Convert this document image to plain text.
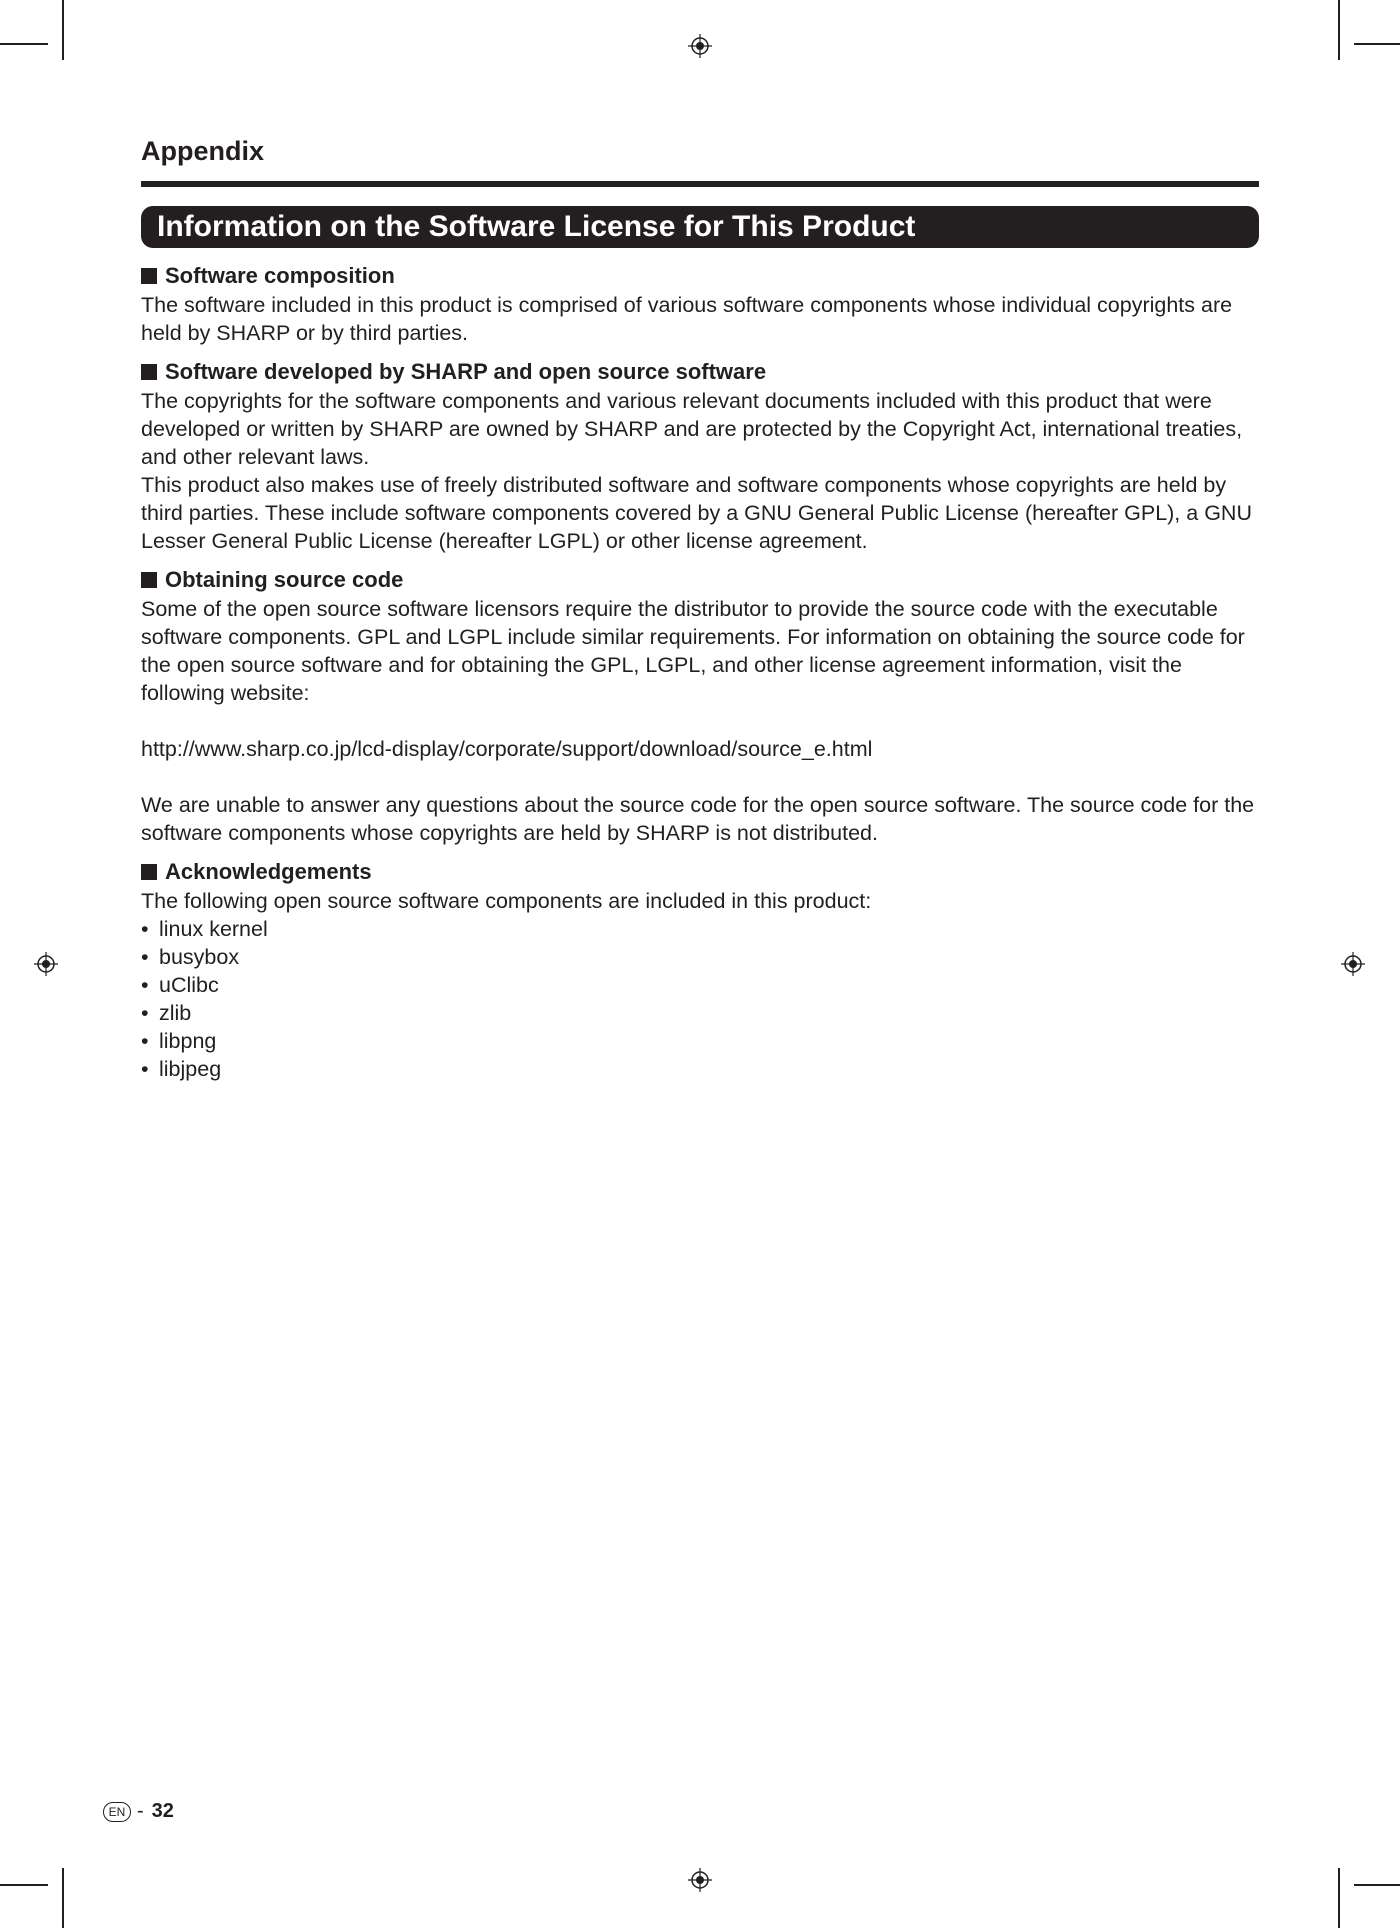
Appendix
Information on the Software License for This Product
Software composition

The software included in this product is comprised of various software components whose individual copyrights are held by SHARP or by third parties.

Software developed by SHARP and open source software

The copyrights for the software components and various relevant documents included with this product that were developed or written by SHARP are owned by SHARP and are protected by the Copyright Act, international treaties, and other relevant laws.

This product also makes use of freely distributed software and software components whose copyrights are held by third parties. These include software components covered by a GNU General Public License (hereafter GPL), a GNU Lesser General Public License (hereafter LGPL) or other license agreement.

Obtaining source code

Some of the open source software licensors require the distributor to provide the source code with the executable software components. GPL and LGPL include similar requirements. For information on obtaining the source code for the open source software and for obtaining the GPL, LGPL, and other license agreement information, visit the following website:

http://www.sharp.co.jp/lcd-display/corporate/support/download/source_e.html

We are unable to answer any questions about the source code for the open source software. The source code for the software components whose copyrights are held by SHARP is not distributed.

Acknowledgements

The following open source software components are included in this product:

• linux kernel
• busybox
• uClibc
• zlib
• libpng
• libjpeg
EN - 32
